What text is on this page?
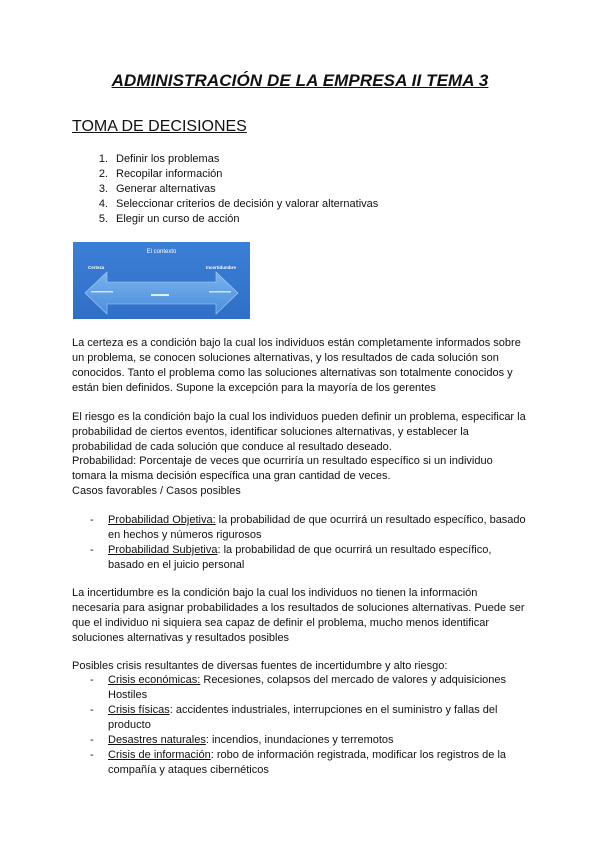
ADMINISTRACIÓN DE LA EMPRESA II TEMA 3
TOMA DE DECISIONES
1. Definir los problemas
2. Recopilar información
3. Generar alternativas
4. Seleccionar criterios de decisión y valorar alternativas
5. Elegir un curso de acción
El contexto
Certeza	Incertidumbre

La certeza es a condición bajo la cual los individuos están completamente informados sobre un problema, se conocen soluciones alternativas, y los resultados de cada solución son conocidos. Tanto el problema como las soluciones alternativas son totalmente conocidos y están bien definidos. Supone la excepción para la mayoría de los gerentes

El riesgo es la condición bajo la cual los individuos pueden definir un problema, especificar la probabilidad de ciertos eventos, identificar soluciones alternativas, y establecer la probabilidad de cada solución que conduce al resultado deseado.

Probabilidad: Porcentaje de veces que ocurriría un resultado específico si un individuo tomara la misma decisión específica una gran cantidad de veces.

Casos favorables / Casos posibles

- Probabilidad Objetiva: la probabilidad de que ocurrirá un resultado específico, basado en hechos y números rigurosos
- Probabilidad Subjetiva: la probabilidad de que ocurrirá un resultado específico, basado en el juicio personal

La incertidumbre es la condición bajo la cual los individuos no tienen la información necesaria para asignar probabilidades a los resultados de soluciones alternativas. Puede ser que el individuo ni siquiera sea capaz de definir el problema, mucho menos identificar soluciones alternativas y resultados posibles

Posibles crisis resultantes de diversas fuentes de incertidumbre y alto riesgo:

- Crisis económicas: Recesiones, colapsos del mercado de valores y adquisiciones Hostiles
- Crisis físicas: accidentes industriales, interrupciones en el suministro y fallas del producto
- Desastres naturales: incendios, inundaciones y terremotos
- Crisis de información: robo de información registrada, modificar los registros de la compañía y ataques cibernéticos
